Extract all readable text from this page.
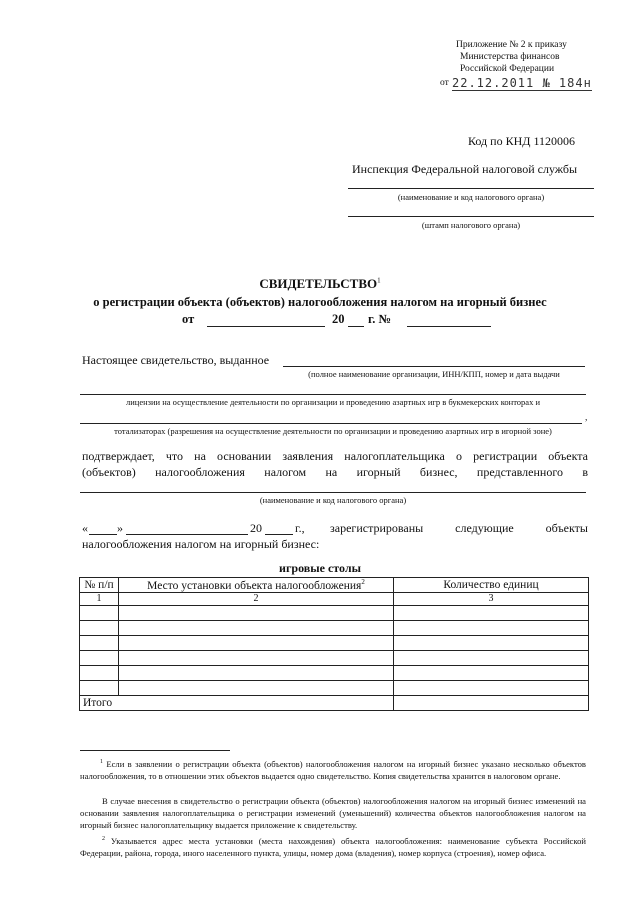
Приложение № 2 к приказу
Министерства финансов
Российской Федерации
от 22.12.2011 № 184н
Код по КНД 1120006
Инспекция Федеральной налоговой службы
(наименование и код налогового органа)
(штамп налогового органа)
СВИДЕТЕЛЬСТВО$^1$
о регистрации объекта (объектов) налогообложения налогом на игорный бизнес
от	20 г. №
Настоящее свидетельство, выданное
(полное наименование организации, ИНН/КПП, номер и дата выдачи
лицензии на осуществление деятельности по организации и проведению азартных игр в букмекерских конторах и
,
тотализаторах (разрешения на осуществление деятельности по организации и проведению азартных игр в игорной зоне)
подтверждает, что на основании заявления налогоплательщика о регистрации объекта
(объектов) налогообложения налогом на игорный бизнес, представленного в
(наименование и код налогового органа)
« »	20	г., зарегистрированы следующие объекты
налогообложения налогом на игорный бизнес:
игровые столы
№ п/п	Место установки объекта налогообложения$^2$	Количество единиц
1	2	3

Итого		
$^1$ Если в заявлении о регистрации объекта (объектов) налогообложения налогом на игорный бизнес указано несколько объектов налогообложения, то в отношении этих объектов выдается одно свидетельство. Копия свидетельства хранится в налоговом органе.
В случае внесения в свидетельство о регистрации объекта (объектов) налогообложения налогом на игорный бизнес изменений на основании заявления налогоплательщика о регистрации изменений (уменьшений) количества объектов налогообложения налогом на игорный бизнес налогоплательщику выдается приложение к свидетельству.
$^2$ Указывается адрес места установки (места нахождения) объекта налогообложения: наименование субъекта Российской Федерации, района, города, иного населенного пункта, улицы, номер дома (владения), номер корпуса (строения), номер офиса.
